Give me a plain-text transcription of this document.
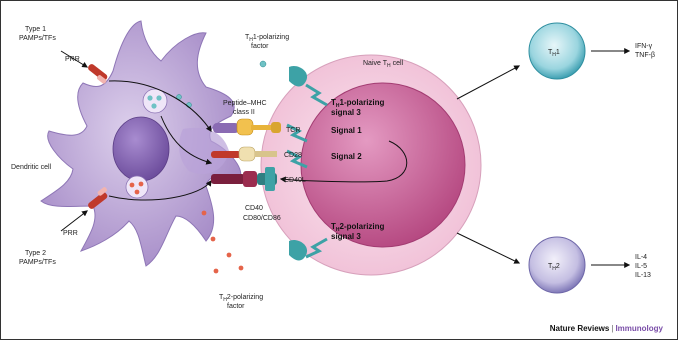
Type 1
PAMPs/TFs
PRR
$T_H1$-polarizing
factor
Naive $T_H$ cell
Peptide–MHC
class II
TCR
CD28
CD40L
CD40
CD80/CD86
Dendritic cell
PRR
Type 2
PAMPs/TFs
$T_H2$-polarizing
factor
$T_H1$-polarizing
signal 3
Signal 1
Signal 2
$T_H2$-polarizing
signal 3
$T_H1$
$T_H2$
IFN-γ
TNF-β
IL-4
IL-5
IL-13
Nature Reviews | Immunology
